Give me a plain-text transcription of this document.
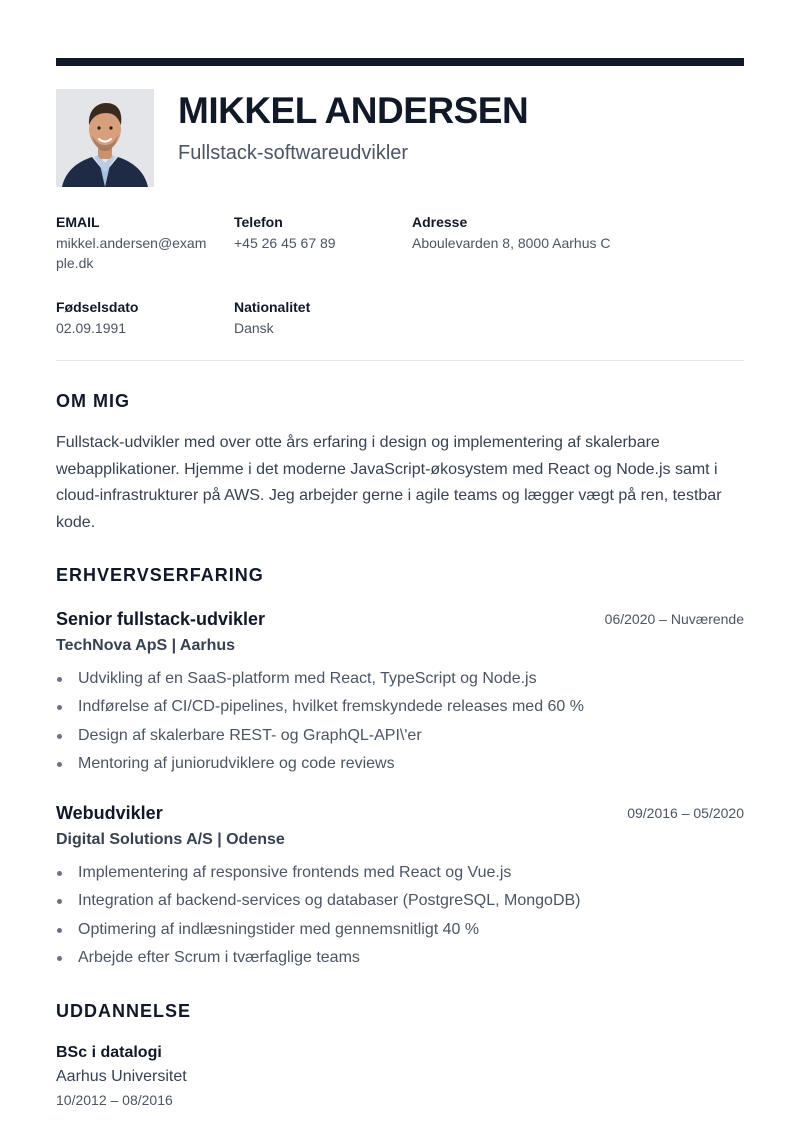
MIKKEL ANDERSEN

Fullstack-softwareudvikler

EMAIL
mikkel.andersen@example.dk
Telefon
+45 26 45 67 89
Adresse
Aboulevarden 8, 8000 Aarhus C
Fødselsdato
02.09.1991
Nationalitet
Dansk
OM MIG

Fullstack-udvikler med over otte års erfaring i design og implementering af skalerbare webapplikationer. Hjemme i det moderne JavaScript-økosystem med React og Node.js samt i cloud-infrastrukturer på AWS. Jeg arbejder gerne i agile teams og lægger vægt på ren, testbar kode.

ERHVERVSERFARING
Senior fullstack-udvikler	06/2020 – Nuværende
TechNova ApS | Aarhus
Udvikling af en SaaS-platform med React, TypeScript og Node.js
Indførelse af CI/CD-pipelines, hvilket fremskyndede releases med 60 %
Design af skalerbare REST- og GraphQL-API\'er
Mentoring af juniorudviklere og code reviews
Webudvikler	09/2016 – 05/2020
Digital Solutions A/S | Odense
Implementering af responsive frontends med React og Vue.js
Integration af backend-services og databaser (PostgreSQL, MongoDB)
Optimering af indlæsningstider med gennemsnitligt 40 %
Arbejde efter Scrum i tværfaglige teams
UDDANNELSE
BSc i datalogi
Aarhus Universitet
10/2012 – 08/2016
